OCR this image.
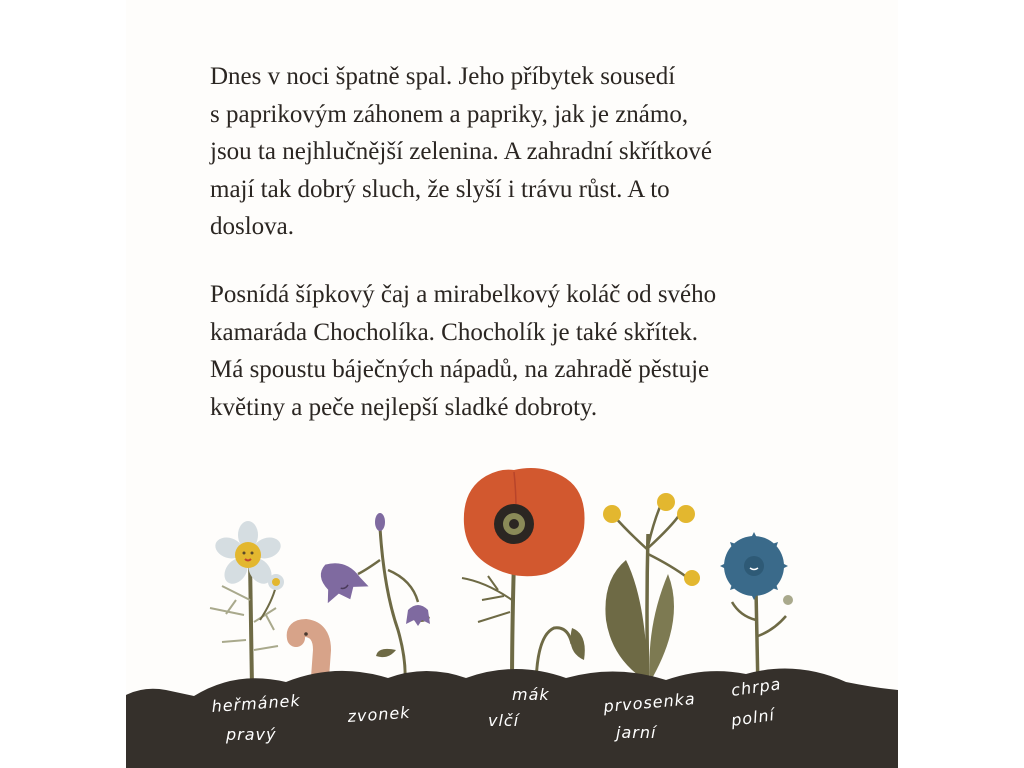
Dnes v noci špatně spal. Jeho příbytek sousedí
s paprikovým záhonem a papriky, jak je známo,
jsou ta nejhlučnější zelenina. A zahradní skřítkové
mají tak dobrý sluch, že slyší i trávu růst. A to
doslova.
Posnídá šípkový čaj a mirabelkový koláč od svého
kamaráda Chocholíka. Chocholík je také skřítek.
Má spoustu báječných nápadů, na zahradě pěstuje
květiny a peče nejlepší sladké dobroty.
heřmánek
pravý
zvonek
mák
vlčí
prvosenka
jarní
chrpa
polní
